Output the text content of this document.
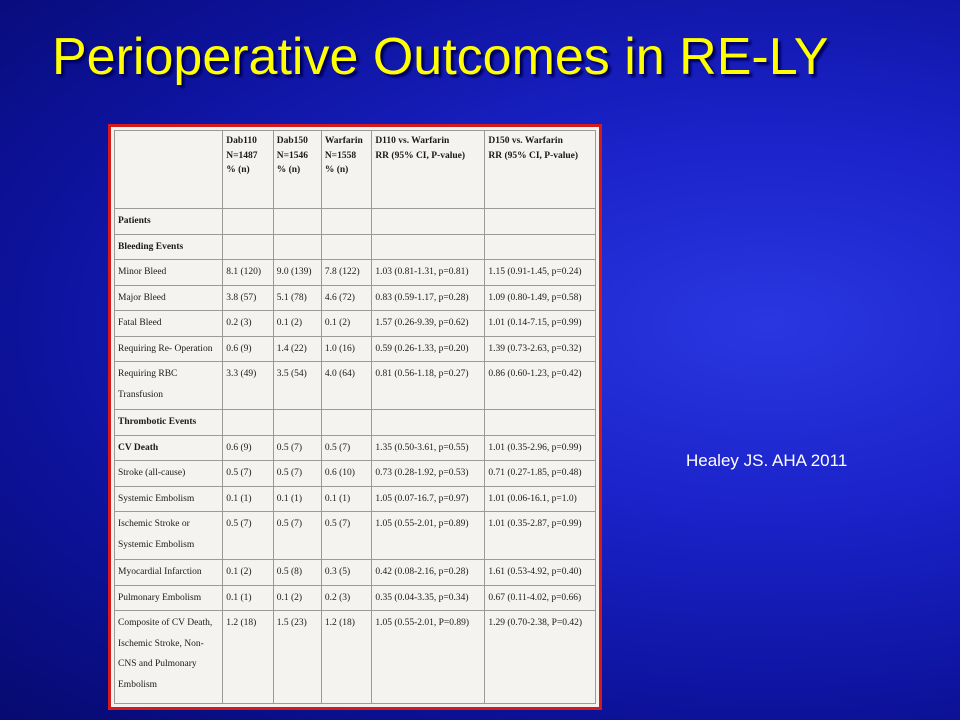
Perioperative Outcomes in RE-LY

	Dab110
N=1487
% (n)	Dab150
N=1546
% (n)	Warfarin
N=1558
% (n)	D110 vs. Warfarin
RR (95% CI, P-value)	D150 vs. Warfarin
RR (95% CI, P-value)

Patients					
Bleeding Events					
Minor Bleed	8.1 (120)	9.0 (139)	7.8 (122)	1.03 (0.81-1.31, p=0.81)	1.15 (0.91-1.45, p=0.24)
Major Bleed	3.8 (57)	5.1 (78)	4.6 (72)	0.83 (0.59-1.17, p=0.28)	1.09 (0.80-1.49, p=0.58)
Fatal Bleed	0.2 (3)	0.1 (2)	0.1 (2)	1.57 (0.26-9.39, p=0.62)	1.01 (0.14-7.15, p=0.99)
Requiring Re- Operation	0.6 (9)	1.4 (22)	1.0 (16)	0.59 (0.26-1.33, p=0.20)	1.39 (0.73-2.63, p=0.32)
Requiring RBC Transfusion	3.3 (49)	3.5 (54)	4.0 (64)	0.81 (0.56-1.18, p=0.27)	0.86 (0.60-1.23, p=0.42)
Thrombotic Events					
CV Death	0.6 (9)	0.5 (7)	0.5 (7)	1.35 (0.50-3.61, p=0.55)	1.01 (0.35-2.96, p=0.99)
Stroke (all-cause)	0.5 (7)	0.5 (7)	0.6 (10)	0.73 (0.28-1.92, p=0.53)	0.71 (0.27-1.85, p=0.48)
Systemic Embolism	0.1 (1)	0.1 (1)	0.1 (1)	1.05 (0.07-16.7, p=0.97)	1.01 (0.06-16.1, p=1.0)
Ischemic Stroke or Systemic Embolism	0.5 (7)	0.5 (7)	0.5 (7)	1.05 (0.55-2.01, p=0.89)	1.01 (0.35-2.87, p=0.99)
Myocardial Infarction	0.1 (2)	0.5 (8)	0.3 (5)	0.42 (0.08-2.16, p=0.28)	1.61 (0.53-4.92, p=0.40)
Pulmonary Embolism	0.1 (1)	0.1 (2)	0.2 (3)	0.35 (0.04-3.35, p=0.34)	0.67 (0.11-4.02, p=0.66)
Composite of CV Death, Ischemic Stroke, Non-CNS and Pulmonary Embolism	1.2 (18)	1.5 (23)	1.2 (18)	1.05 (0.55-2.01, P=0.89)	1.29 (0.70-2.38, P=0.42)
Healey JS. AHA 2011
